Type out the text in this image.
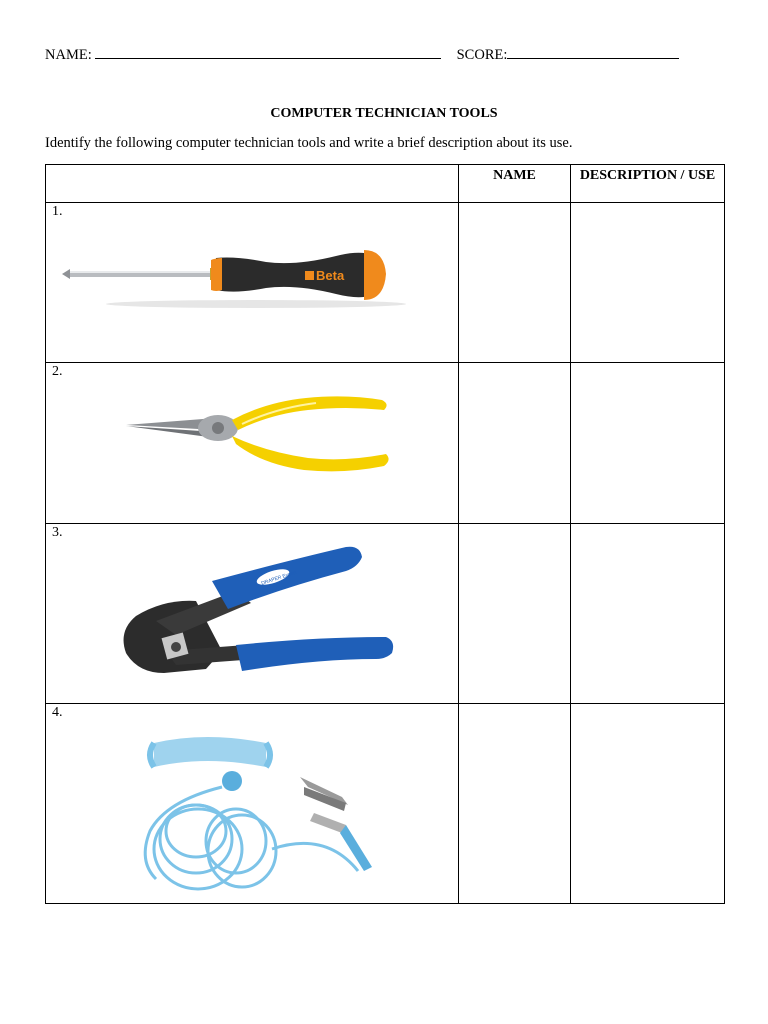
NAME:	SCORE:
COMPUTER TECHNICIAN TOOLS
Identify the following computer technician tools and write a brief description about its use.
	NAME	DESCRIPTION / USE

1.
Beta		

2.		

3.
DRAPER Expert		

4.		
